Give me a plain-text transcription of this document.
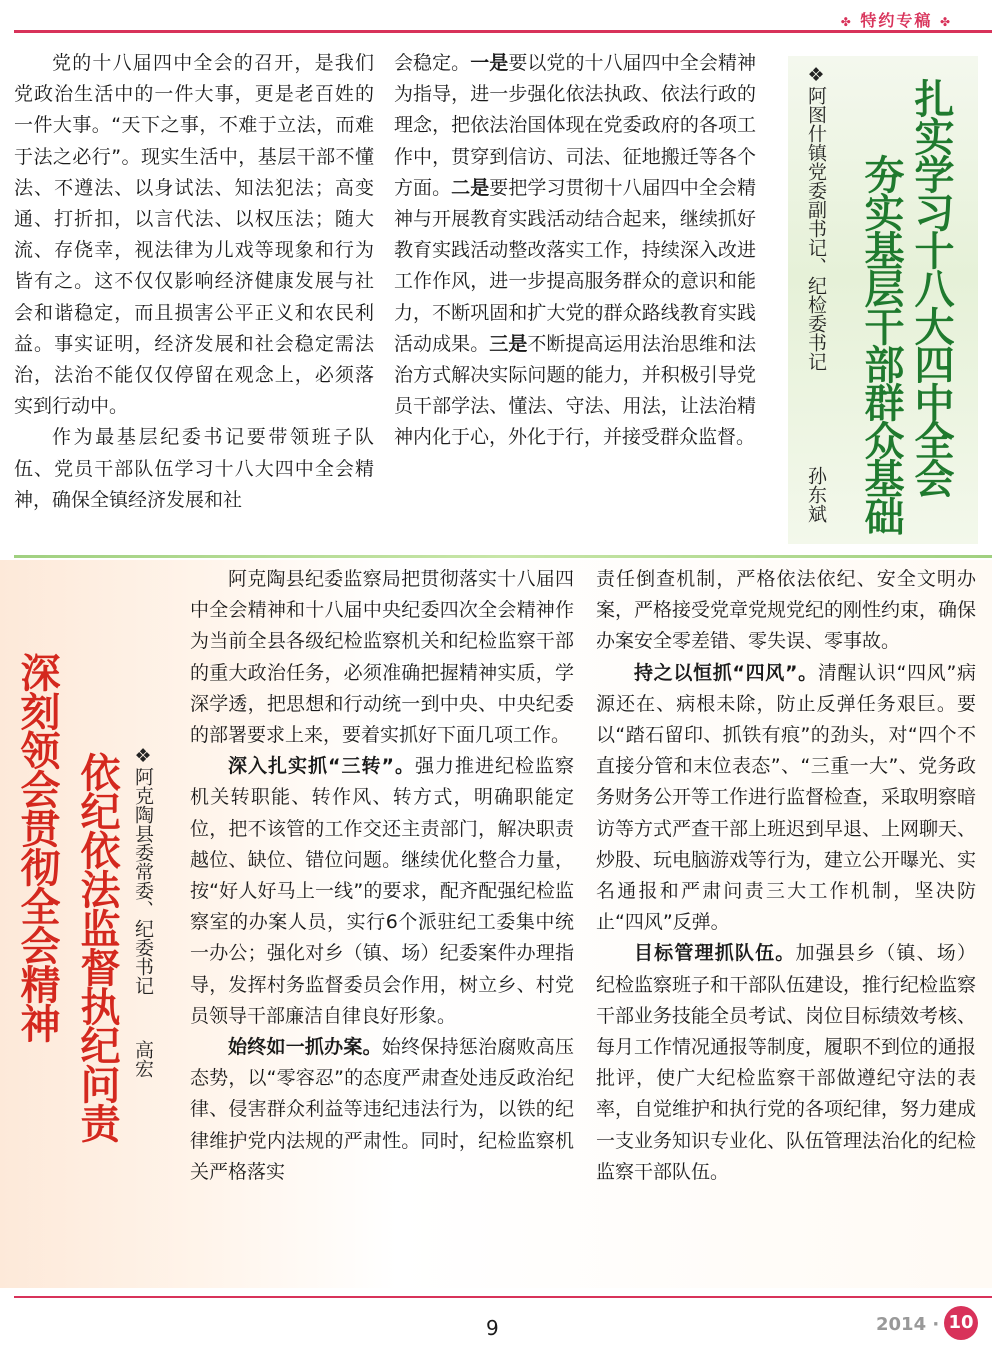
✤ 特约专稿 ✤

党的十八届四中全会的召开，是我们党政治生活中的一件大事，更是老百姓的一件大事。“天下之事，不难于立法，而难于法之必行”。现实生活中，基层干部不懂法、不遵法、以身试法、知法犯法；高变通、打折扣，以言代法、以权压法；随大流、存侥幸，视法律为儿戏等现象和行为皆有之。这不仅仅影响经济健康发展与社会和谐稳定，而且损害公平正义和农民利益。事实证明，经济发展和社会稳定需法治，法治不能仅仅停留在观念上，必须落实到行动中。

作为最基层纪委书记要带领班子队伍、党员干部队伍学习十八大四中全会精神，确保全镇经济发展和社

会稳定。一是要以党的十八届四中全会精神为指导，进一步强化依法执政、依法行政的理念，把依法治国体现在党委政府的各项工作中，贯穿到信访、司法、征地搬迁等各个方面。二是要把学习贯彻十八届四中全会精神与开展教育实践活动结合起来，继续抓好教育实践活动整改落实工作，持续深入改进工作作风，进一步提高服务群众的意识和能力，不断巩固和扩大党的群众路线教育实践活动成果。三是不断提高运用法治思维和法治方式解决实际问题的能力，并积极引导党员干部学法、懂法、守法、用法，让法治精神内化于心，外化于行，并接受群众监督。	扎实学习十八大四中全会
夯实基层干部群众基础
❖阿图什镇党委副书记、纪检委书记
孙东斌
深刻领会贯彻全会精神 依纪依法监督执纪问责 ❖阿克陶县委常委、纪委书记
高宏

阿克陶县纪委监察局把贯彻落实十八届四中全会精神和十八届中央纪委四次全会精神作为当前全县各级纪检监察机关和纪检监察干部的重大政治任务，必须准确把握精神实质，学深学透，把思想和行动统一到中央、中央纪委的部署要求上来，要着实抓好下面几项工作。

深入扎实抓“三转”。强力推进纪检监察机关转职能、转作风、转方式，明确职能定位，把不该管的工作交还主责部门，解决职责越位、缺位、错位问题。继续优化整合力量，按“好人好马上一线”的要求，配齐配强纪检监察室的办案人员，实行6个派驻纪工委集中统一办公；强化对乡（镇、场）纪委案件办理指导，发挥村务监督委员会作用，树立乡、村党员领导干部廉洁自律良好形象。

始终如一抓办案。始终保持惩治腐败高压态势，以“零容忍”的态度严肃查处违反政治纪律、侵害群众利益等违纪违法行为，以铁的纪律维护党内法规的严肃性。同时，纪检监察机关严格落实

责任倒查机制，严格依法依纪、安全文明办案，严格接受党章党规党纪的刚性约束，确保办案安全零差错、零失误、零事故。

持之以恒抓“四风”。清醒认识“四风”病源还在、病根未除，防止反弹任务艰巨。要以“踏石留印、抓铁有痕”的劲头，对“四个不直接分管和末位表态”、“三重一大”、党务政务财务公开等工作进行监督检查，采取明察暗访等方式严查干部上班迟到早退、上网聊天、炒股、玩电脑游戏等行为，建立公开曝光、实名通报和严肃问责三大工作机制，坚决防止“四风”反弹。

目标管理抓队伍。加强县乡（镇、场）纪检监察班子和干部队伍建设，推行纪检监察干部业务技能全员考试、岗位目标绩效考核、每月工作情况通报等制度，履职不到位的通报批评，使广大纪检监察干部做遵纪守法的表率，自觉维护和执行党的各项纪律，努力建成一支业务知识专业化、队伍管理法治化的纪检监察干部队伍。

9	2014 · 10
